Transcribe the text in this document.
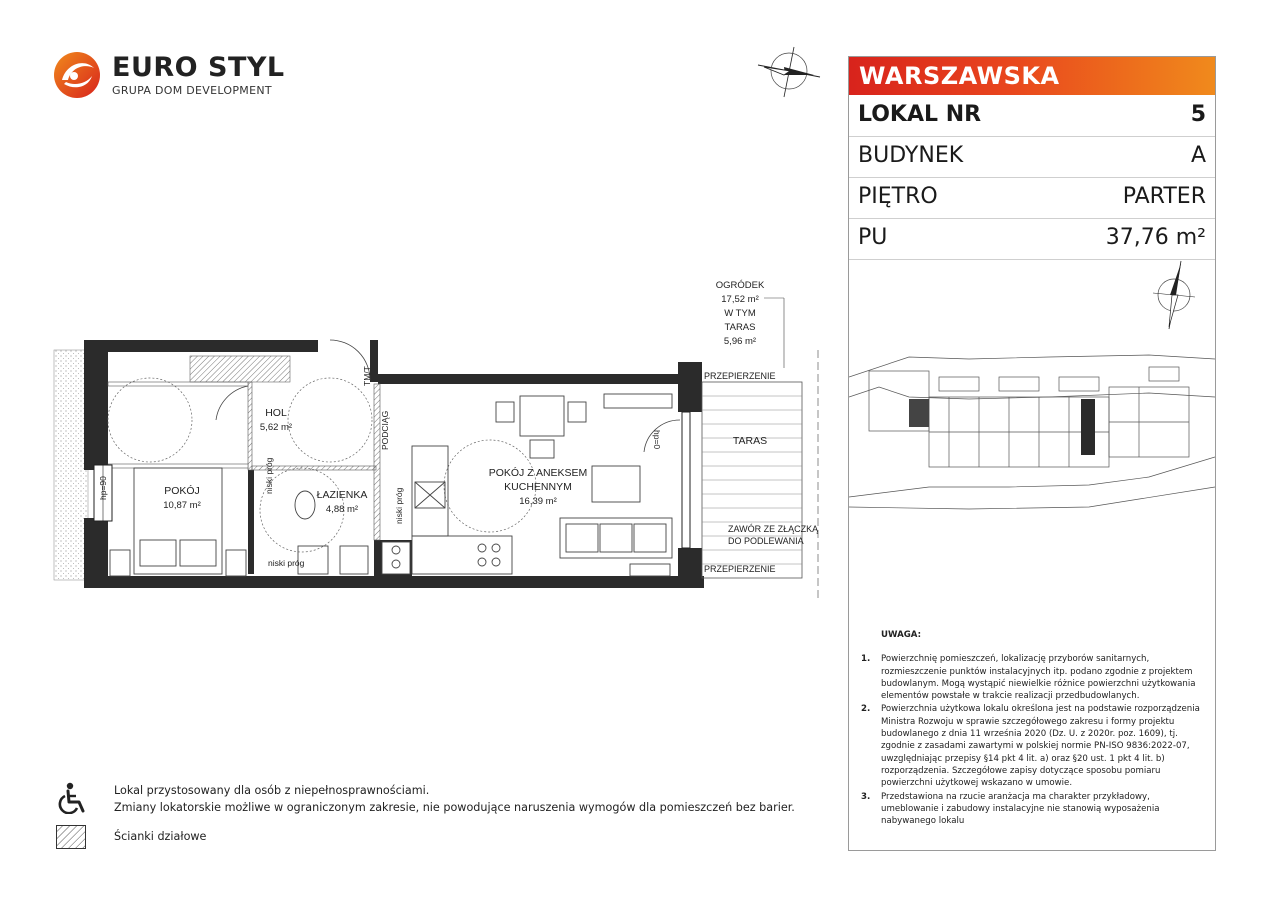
EURO STYL
GRUPA DOM DEVELOPMENT
POKÓJ
10,87 m²
HOL
5,62 m²
ŁAZIENKA
4,88 m²
POKÓJ Z ANEKSEM
KUCHENNYM
16,39 m²
TARAS
OGRÓDEK
17,52 m²
W TYM
TARAS
5,96 m²
PRZEPIERZENIE
PRZEPIERZENIE
ZAWÓR ZE ZŁĄCZKĄ
DO PODLEWANIA
hp=0
hp=90
niski próg
niski próg
niski próg
PODCIĄG
TM/T
WARSZAWSKA
LOKAL NR	5
BUDYNEK	A
PIĘTRO	PARTER
PU	37,76 m²
UWAGA:
1. Powierzchnię pomieszczeń, lokalizację przyborów sanitarnych, rozmieszczenie punktów instalacyjnych itp. podano zgodnie z projektem budowlanym. Mogą wystąpić niewielkie różnice powierzchni użytkowania elementów powstałe w trakcie realizacji przedbudowlanych.
2. Powierzchnia użytkowa lokalu określona jest na podstawie rozporządzenia Ministra Rozwoju w sprawie szczegółowego zakresu i formy projektu budowlanego z dnia 11 września 2020 (Dz. U. z 2020r. poz. 1609), tj. zgodnie z zasadami zawartymi w polskiej normie PN-ISO 9836:2022-07, uwzględniając przepisy §14 pkt 4 lit. a) oraz §20 ust. 1 pkt 4 lit. b) rozporządzenia. Szczegółowe zapisy dotyczące sposobu pomiaru powierzchni użytkowej wskazano w umowie.
3. Przedstawiona na rzucie aranżacja ma charakter przykładowy, umeblowanie i zabudowy instalacyjne nie stanowią wyposażenia nabywanego lokalu
Lokal przystosowany dla osób z niepełnosprawnościami.
Zmiany lokatorskie możliwe w ograniczonym zakresie, nie powodujące naruszenia wymogów dla pomieszczeń bez barier.
Ścianki działowe
